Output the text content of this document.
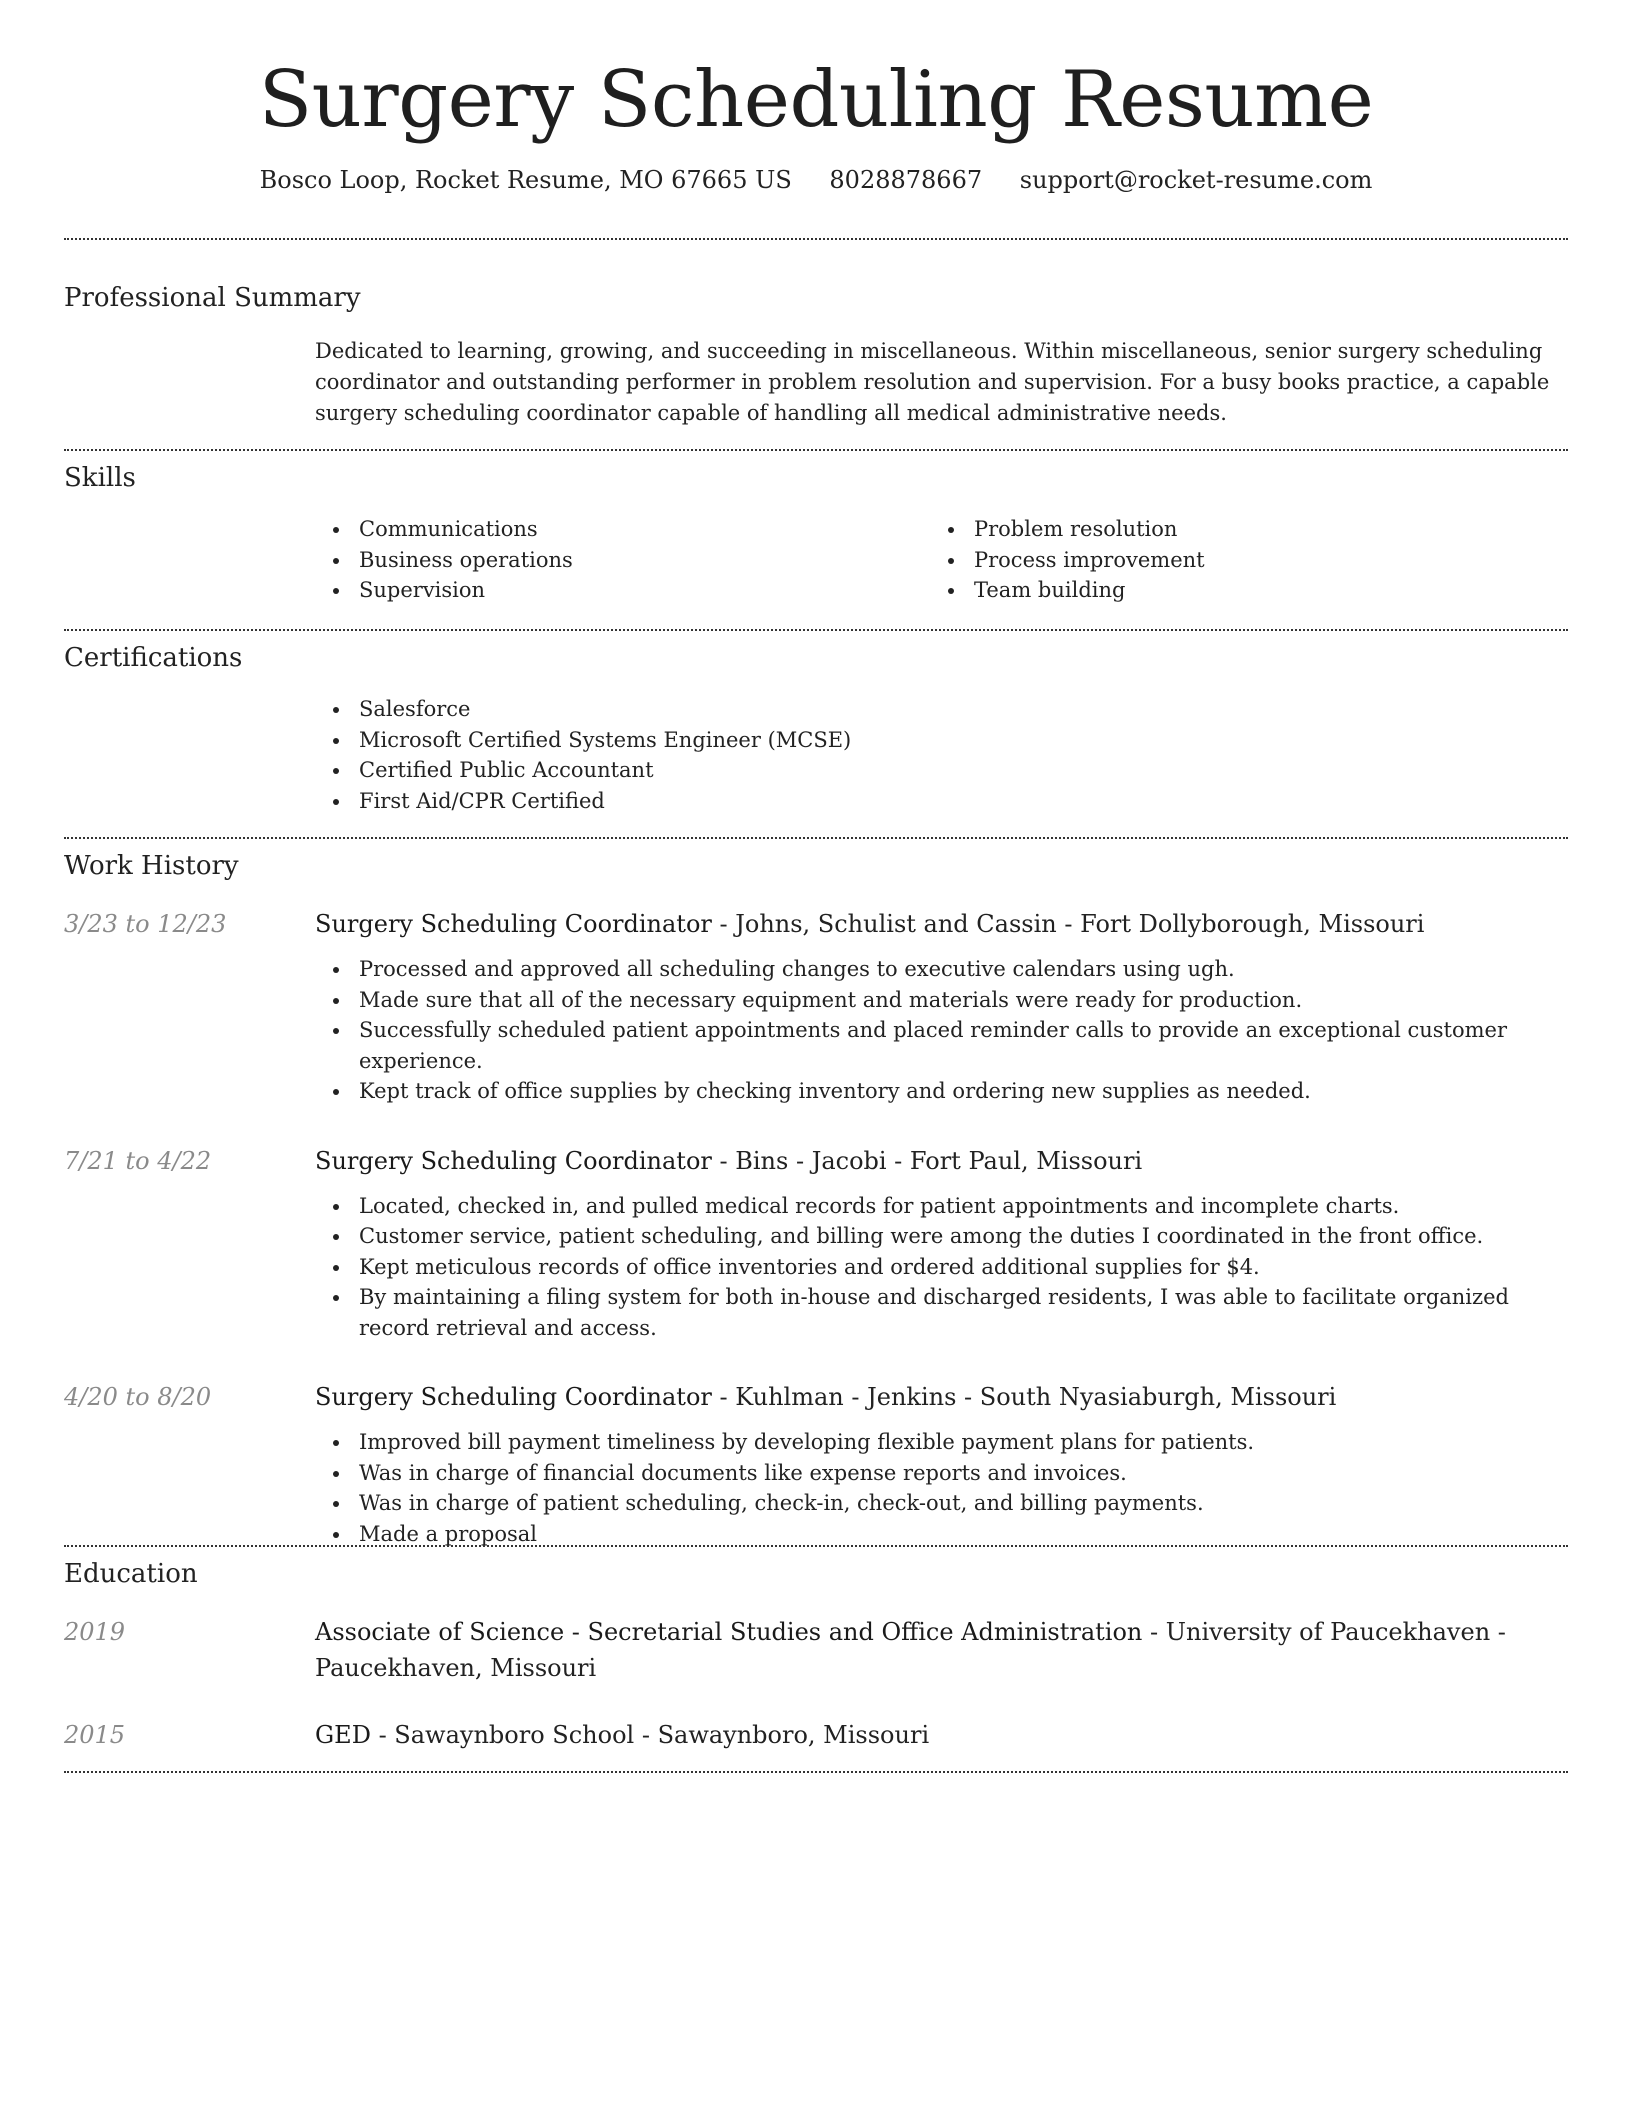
Surgery Scheduling Resume
Bosco Loop, Rocket Resume, MO 67665 US 8028878667 support@rocket-resume.com
Professional Summary

Dedicated to learning, growing, and succeeding in miscellaneous. Within miscellaneous, senior surgery scheduling coordinator and outstanding performer in problem resolution and supervision. For a busy books practice, a capable surgery scheduling coordinator capable of handling all medical administrative needs.

Skills
Communications
Business operations
Supervision
Problem resolution
Process improvement
Team building
Certifications
Salesforce
Microsoft Certified Systems Engineer (MCSE)
Certified Public Accountant
First Aid/CPR Certified
Work History
3/23 to 12/23	Surgery Scheduling Coordinator - Johns, Schulist and Cassin - Fort Dollyborough, Missouri
Processed and approved all scheduling changes to executive calendars using ugh.
Made sure that all of the necessary equipment and materials were ready for production.
Successfully scheduled patient appointments and placed reminder calls to provide an exceptional customer experience.
Kept track of office supplies by checking inventory and ordering new supplies as needed.
7/21 to 4/22	Surgery Scheduling Coordinator - Bins - Jacobi - Fort Paul, Missouri
Located, checked in, and pulled medical records for patient appointments and incomplete charts.
Customer service, patient scheduling, and billing were among the duties I coordinated in the front office.
Kept meticulous records of office inventories and ordered additional supplies for $4.
By maintaining a filing system for both in-house and discharged residents, I was able to facilitate organized record retrieval and access.
4/20 to 8/20	Surgery Scheduling Coordinator - Kuhlman - Jenkins - South Nyasiaburgh, Missouri
Improved bill payment timeliness by developing flexible payment plans for patients.
Was in charge of financial documents like expense reports and invoices.
Was in charge of patient scheduling, check-in, check-out, and billing payments.
Made a proposal
Education
2019	Associate of Science - Secretarial Studies and Office Administration - University of Paucekhaven - Paucekhaven, Missouri
2015	GED - Sawaynboro School - Sawaynboro, Missouri
